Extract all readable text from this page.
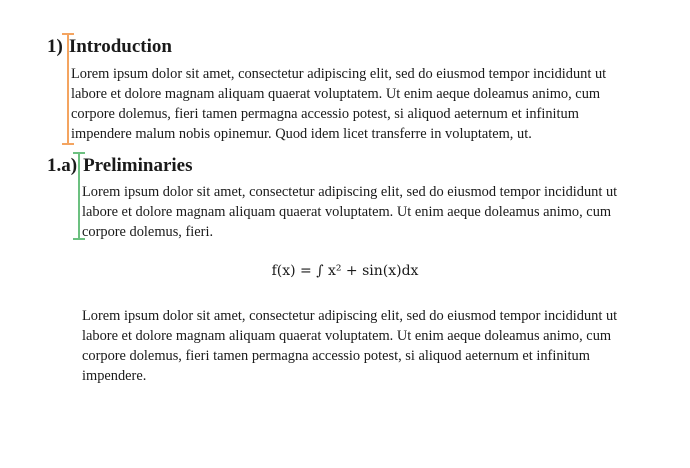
1) Introduction
Lorem ipsum dolor sit amet, consectetur adipiscing elit, sed do eiusmod tempor incididunt ut
labore et dolore magnam aliquam quaerat voluptatem. Ut enim aeque doleamus animo, cum
corpore dolemus, fieri tamen permagna accessio potest, si aliquod aeternum et infinitum
impendere malum nobis opinemur. Quod idem licet transferre in voluptatem, ut.
1.a) Preliminaries
Lorem ipsum dolor sit amet, consectetur adipiscing elit, sed do eiusmod tempor incididunt ut
labore et dolore magnam aliquam quaerat voluptatem. Ut enim aeque doleamus animo, cum
corpore dolemus, fieri.
f(x) = ∫ x² + sin(x)dx
Lorem ipsum dolor sit amet, consectetur adipiscing elit, sed do eiusmod tempor incididunt ut
labore et dolore magnam aliquam quaerat voluptatem. Ut enim aeque doleamus animo, cum
corpore dolemus, fieri tamen permagna accessio potest, si aliquod aeternum et infinitum
impendere.
